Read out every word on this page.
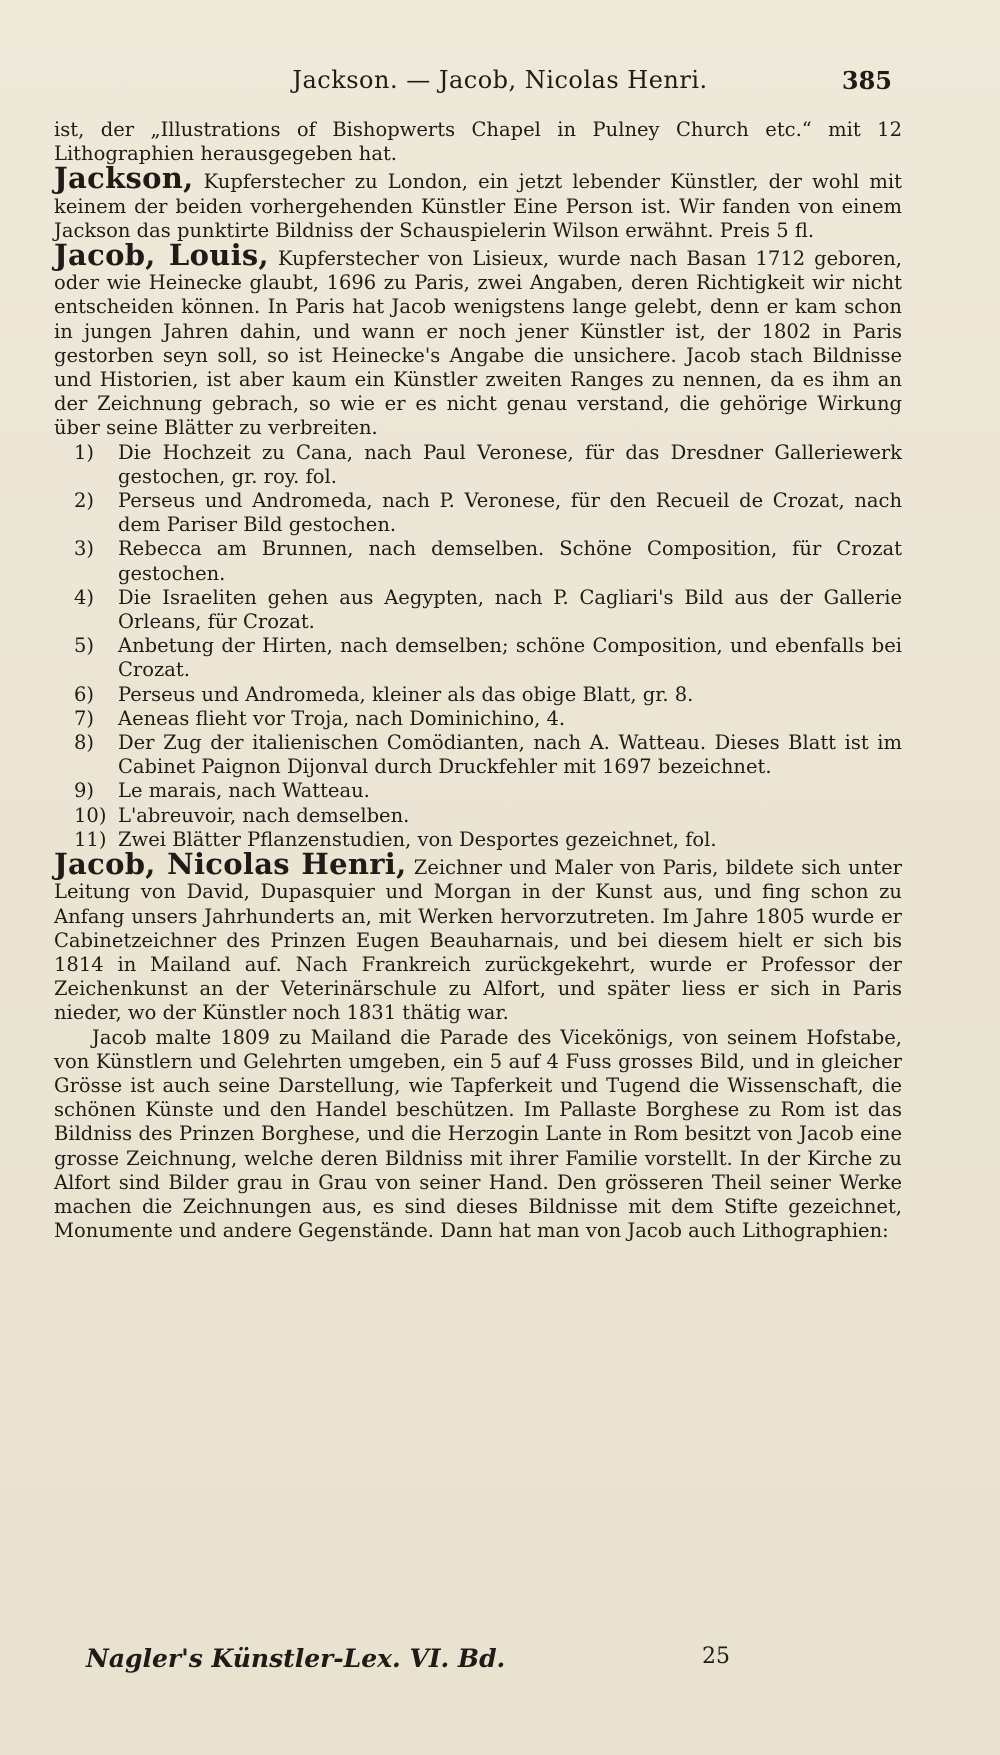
Jackson. — Jacob, Nicolas Henri.	385

ist, der „Illustrations of Bishopwerts Chapel in Pulney Church etc.“ mit 12 Lithographien herausgegeben hat.

Jackson, Kupferstecher zu London, ein jetzt lebender Künstler, der wohl mit keinem der beiden vorhergehenden Künstler Eine Person ist. Wir fanden von einem Jackson das punktirte Bildniss der Schauspielerin Wilson erwähnt. Preis 5 fl.

Jacob, Louis, Kupferstecher von Lisieux, wurde nach Basan 1712 geboren, oder wie Heinecke glaubt, 1696 zu Paris, zwei Angaben, deren Richtigkeit wir nicht entscheiden können. In Paris hat Jacob wenigstens lange gelebt, denn er kam schon in jungen Jahren dahin, und wann er noch jener Künstler ist, der 1802 in Paris gestorben seyn soll, so ist Heinecke's Angabe die unsichere. Jacob stach Bildnisse und Historien, ist aber kaum ein Künstler zweiten Ranges zu nennen, da es ihm an der Zeichnung gebrach, so wie er es nicht genau verstand, die gehörige Wirkung über seine Blätter zu verbreiten.

1)	Die Hochzeit zu Cana, nach Paul Veronese, für das Dresdner Galleriewerk gestochen, gr. roy. fol.
2)	Perseus und Andromeda, nach P. Veronese, für den Recueil de Crozat, nach dem Pariser Bild gestochen.
3)	Rebecca am Brunnen, nach demselben. Schöne Composition, für Crozat gestochen.
4)	Die Israeliten gehen aus Aegypten, nach P. Cagliari's Bild aus der Gallerie Orleans, für Crozat.
5)	Anbetung der Hirten, nach demselben; schöne Composition, und ebenfalls bei Crozat.
6)	Perseus und Andromeda, kleiner als das obige Blatt, gr. 8.
7)	Aeneas flieht vor Troja, nach Dominichino, 4.
8)	Der Zug der italienischen Comödianten, nach A. Watteau. Dieses Blatt ist im Cabinet Paignon Dijonval durch Druckfehler mit 1697 bezeichnet.
9)	Le marais, nach Watteau.
10) L'abreuvoir, nach demselben.
11) Zwei Blätter Pflanzenstudien, von Desportes gezeichnet, fol.

Jacob, Nicolas Henri, Zeichner und Maler von Paris, bildete sich unter Leitung von David, Dupasquier und Morgan in der Kunst aus, und fing schon zu Anfang unsers Jahrhunderts an, mit Werken hervorzutreten. Im Jahre 1805 wurde er Cabinetzeichner des Prinzen Eugen Beauharnais, und bei diesem hielt er sich bis 1814 in Mailand auf. Nach Frankreich zurückgekehrt, wurde er Professor der Zeichenkunst an der Veterinärschule zu Alfort, und später liess er sich in Paris nieder, wo der Künstler noch 1831 thätig war.

Jacob malte 1809 zu Mailand die Parade des Vicekönigs, von seinem Hofstabe, von Künstlern und Gelehrten umgeben, ein 5 auf 4 Fuss grosses Bild, und in gleicher Grösse ist auch seine Darstellung, wie Tapferkeit und Tugend die Wissenschaft, die schönen Künste und den Handel beschützen. Im Pallaste Borghese zu Rom ist das Bildniss des Prinzen Borghese, und die Herzogin Lante in Rom besitzt von Jacob eine grosse Zeichnung, welche deren Bildniss mit ihrer Familie vorstellt. In der Kirche zu Alfort sind Bilder grau in Grau von seiner Hand. Den grösseren Theil seiner Werke machen die Zeichnungen aus, es sind dieses Bildnisse mit dem Stifte gezeichnet, Monumente und andere Gegenstände. Dann hat man von Jacob auch Lithographien:

Nagler's Künstler-Lex. VI. Bd.	25
